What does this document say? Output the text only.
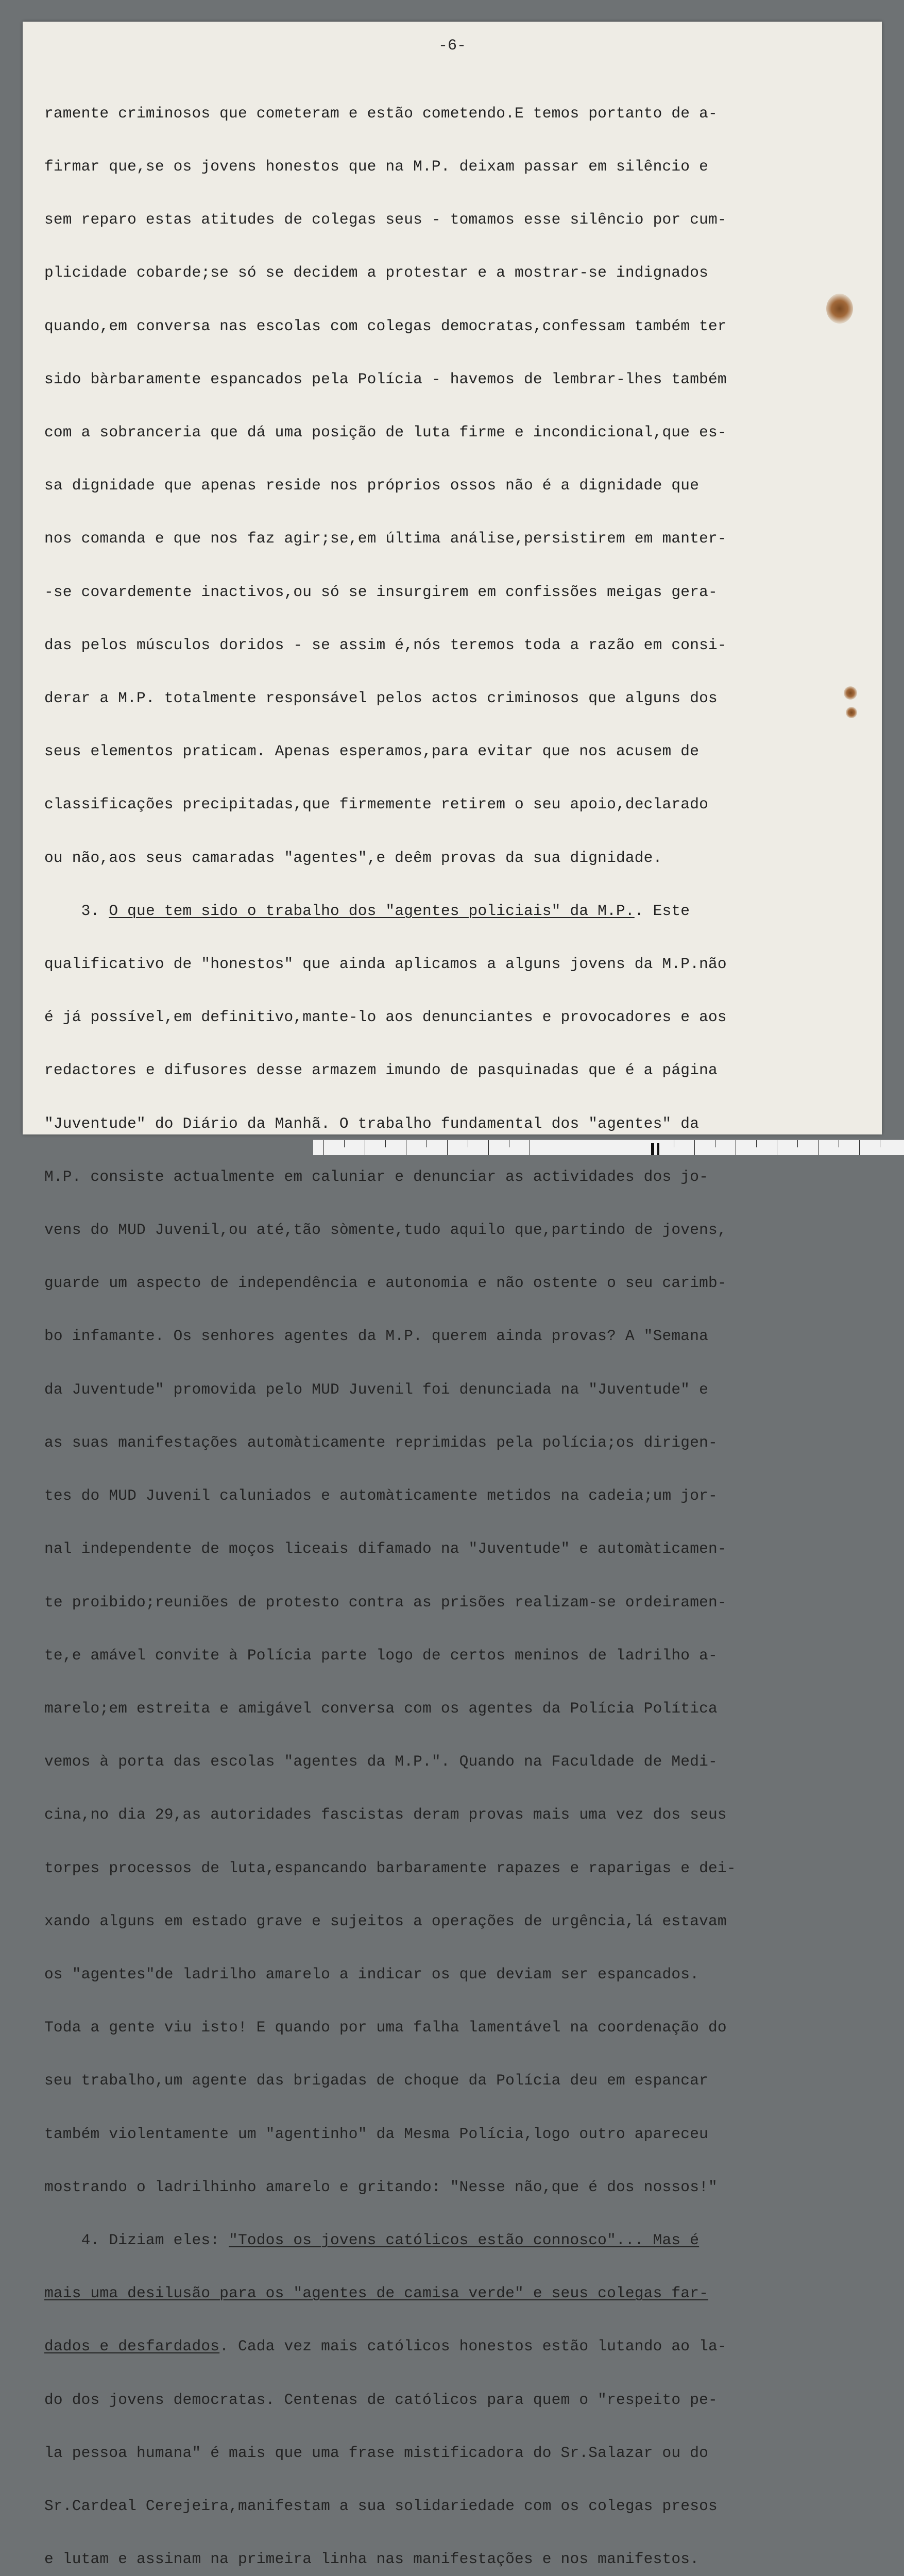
-6-

ramente criminosos que cometeram e estão cometendo.E temos portanto de a-

firmar que,se os jovens honestos que na M.P. deixam passar em silêncio e

sem reparo estas atitudes de colegas seus - tomamos esse silêncio por cum-

plicidade cobarde;se só se decidem a protestar e a mostrar-se indignados

quando,em conversa nas escolas com colegas democratas,confessam também ter

sido bàrbaramente espancados pela Polícia - havemos de lembrar-lhes também

com a sobranceria que dá uma posição de luta firme e incondicional,que es-

sa dignidade que apenas reside nos próprios ossos não é a dignidade que

nos comanda e que nos faz agir;se,em última análise,persistirem em manter-

-se covardemente inactivos,ou só se insurgirem em confissões meigas gera-

das pelos músculos doridos - se assim é,nós teremos toda a razão em consi-

derar a M.P. totalmente responsável pelos actos criminosos que alguns dos

seus elementos praticam. Apenas esperamos,para evitar que nos acusem de

classificações precipitadas,que firmemente retirem o seu apoio,declarado

ou não,aos seus camaradas "agentes",e deêm provas da sua dignidade.

3. O que tem sido o trabalho dos "agentes policiais" da M.P.. Este

qualificativo de "honestos" que ainda aplicamos a alguns jovens da M.P.não

é já possível,em definitivo,mante-lo aos denunciantes e provocadores e aos

redactores e difusores desse armazem imundo de pasquinadas que é a página

"Juventude" do Diário da Manhã. O trabalho fundamental dos "agentes" da

M.P. consiste actualmente em caluniar e denunciar as actividades dos jo-

vens do MUD Juvenil,ou até,tão sòmente,tudo aquilo que,partindo de jovens,

guarde um aspecto de independência e autonomia e não ostente o seu carimb-

bo infamante. Os senhores agentes da M.P. querem ainda provas? A "Semana

da Juventude" promovida pelo MUD Juvenil foi denunciada na "Juventude" e

as suas manifestações automàticamente reprimidas pela polícia;os dirigen-

tes do MUD Juvenil caluniados e automàticamente metidos na cadeia;um jor-

nal independente de moços liceais difamado na "Juventude" e automàticamen-

te proibido;reuniões de protesto contra as prisões realizam-se ordeiramen-

te,e amável convite à Polícia parte logo de certos meninos de ladrilho a-

marelo;em estreita e amigável conversa com os agentes da Polícia Política

vemos à porta das escolas "agentes da M.P.". Quando na Faculdade de Medi-

cina,no dia 29,as autoridades fascistas deram provas mais uma vez dos seus

torpes processos de luta,espancando barbaramente rapazes e raparigas e dei-

xando alguns em estado grave e sujeitos a operações de urgência,lá estavam

os "agentes"de ladrilho amarelo a indicar os que deviam ser espancados.

Toda a gente viu isto! E quando por uma falha lamentável na coordenação do

seu trabalho,um agente das brigadas de choque da Polícia deu em espancar

também violentamente um "agentinho" da Mesma Polícia,logo outro apareceu

mostrando o ladrilhinho amarelo e gritando: "Nesse não,que é dos nossos!"

4. Diziam eles: "Todos os jovens católicos estão connosco"... Mas é

mais uma desilusão para os "agentes de camisa verde" e seus colegas far-

dados e desfardados. Cada vez mais católicos honestos estão lutando ao la-

do dos jovens democratas. Centenas de católicos para quem o "respeito pe-

la pessoa humana" é mais que uma frase mistificadora do Sr.Salazar ou do

Sr.Cardeal Cerejeira,manifestam a sua solidariedade com os colegas presos

e lutam e assinam na primeira linha nas manifestações e nos manifestos.
